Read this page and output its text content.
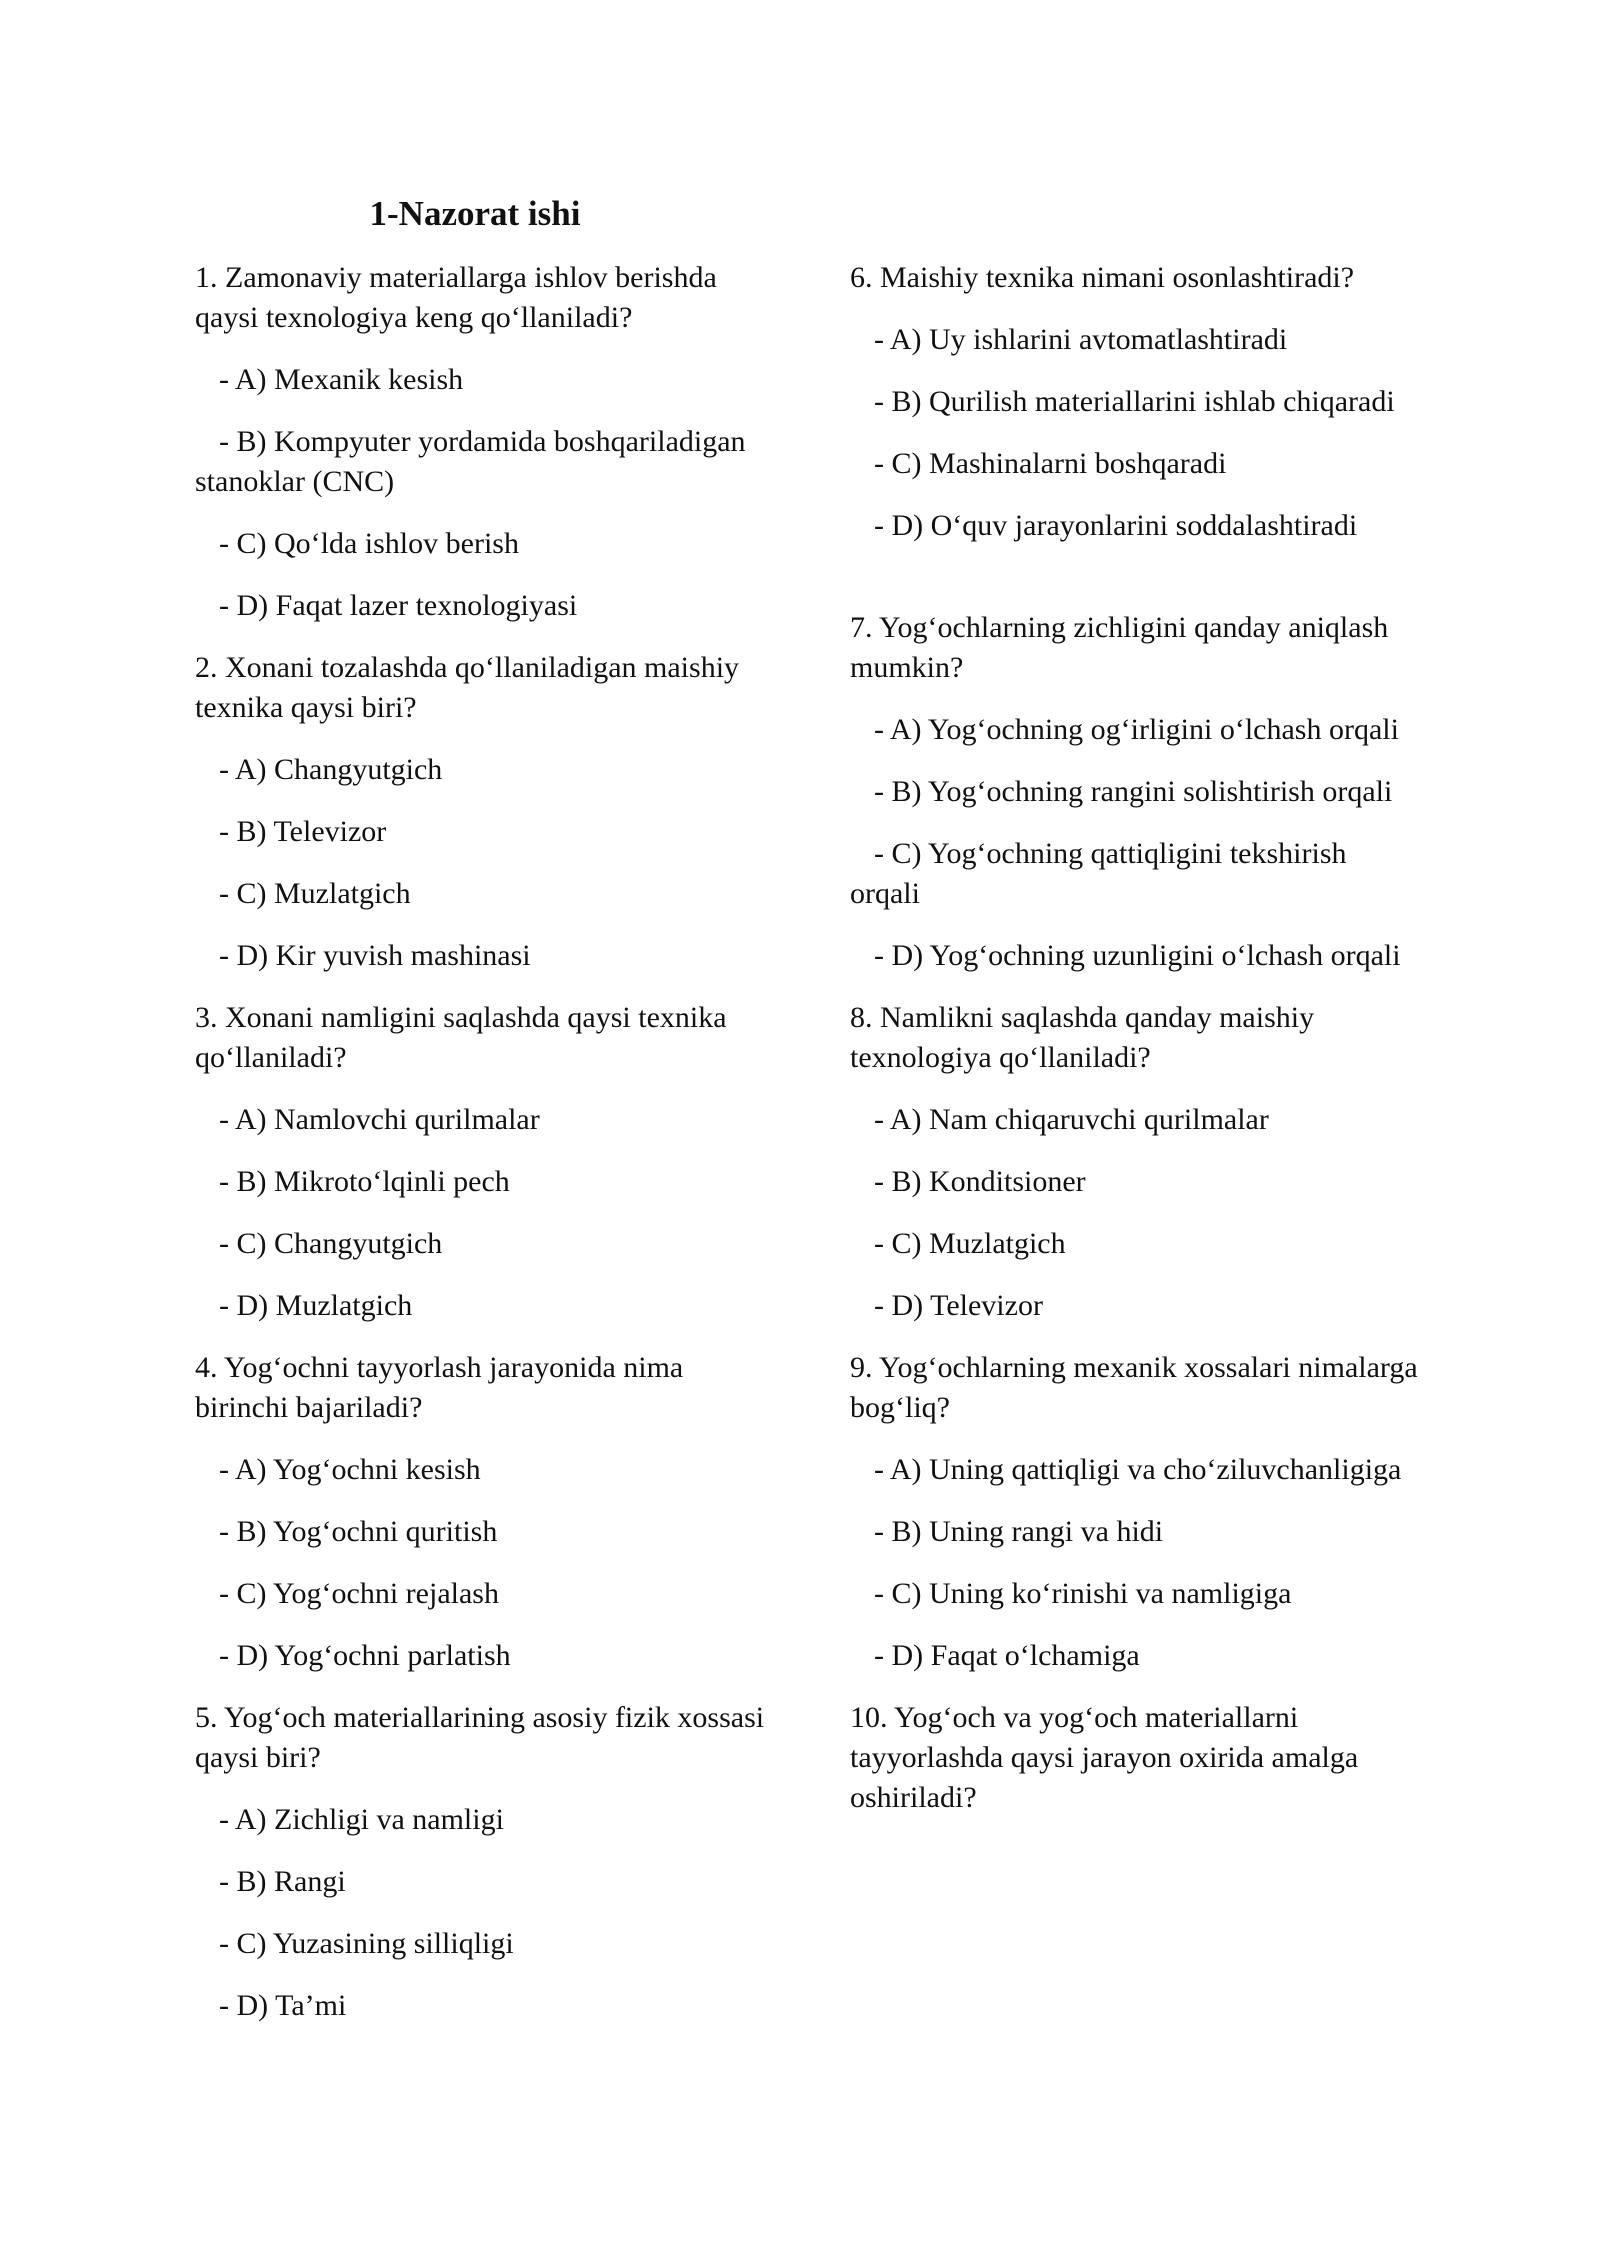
1-Nazorat ishi

1. Zamonaviy materiallarga ishlov berishda qaysi texnologiya keng qo‘llaniladi?

- A) Mexanik kesish

- B) Kompyuter yordamida boshqariladigan stanoklar (CNC)

- C) Qo‘lda ishlov berish

- D) Faqat lazer texnologiyasi

2. Xonani tozalashda qo‘llaniladigan maishiy texnika qaysi biri?

- A) Changyutgich

- B) Televizor

- C) Muzlatgich

- D) Kir yuvish mashinasi

3. Xonani namligini saqlashda qaysi texnika qo‘llaniladi?

- A) Namlovchi qurilmalar

- B) Mikroto‘lqinli pech

- C) Changyutgich

- D) Muzlatgich

4. Yog‘ochni tayyorlash jarayonida nima birinchi bajariladi?

- A) Yog‘ochni kesish

- B) Yog‘ochni quritish

- C) Yog‘ochni rejalash

- D) Yog‘ochni parlatish

5. Yog‘och materiallarining asosiy fizik xossasi qaysi biri?

- A) Zichligi va namligi

- B) Rangi

- C) Yuzasining silliqligi

- D) Ta’mi

6. Maishiy texnika nimani osonlashtiradi?

- A) Uy ishlarini avtomatlashtiradi

- B) Qurilish materiallarini ishlab chiqaradi

- C) Mashinalarni boshqaradi

- D) O‘quv jarayonlarini soddalashtiradi

7. Yog‘ochlarning zichligini qanday aniqlash mumkin?

- A) Yog‘ochning og‘irligini o‘lchash orqali

- B) Yog‘ochning rangini solishtirish orqali

- C) Yog‘ochning qattiqligini tekshirish orqali

- D) Yog‘ochning uzunligini o‘lchash orqali

8. Namlikni saqlashda qanday maishiy texnologiya qo‘llaniladi?

- A) Nam chiqaruvchi qurilmalar

- B) Konditsioner

- C) Muzlatgich

- D) Televizor

9. Yog‘ochlarning mexanik xossalari nimalarga bog‘liq?

- A) Uning qattiqligi va cho‘ziluvchanligiga

- B) Uning rangi va hidi

- C) Uning ko‘rinishi va namligiga

- D) Faqat o‘lchamiga

10. Yog‘och va yog‘och materiallarni tayyorlashda qaysi jarayon oxirida amalga oshiriladi?
